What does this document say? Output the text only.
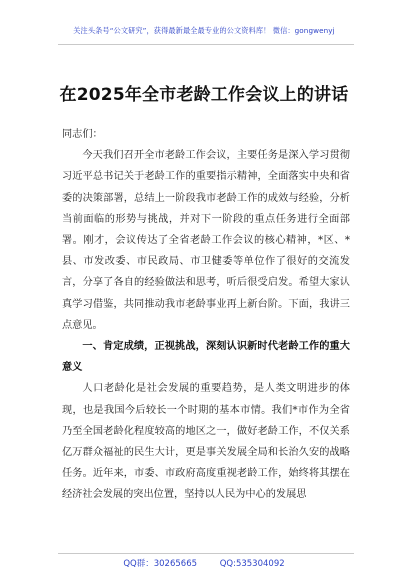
关注头条号“公文研究”，获得最新最全最专业的公文资料库！ 微信：gongwenyj
在2025年全市老龄工作会议上的讲话

同志们：

今天我们召开全市老龄工作会议，主要任务是深入学习贯彻习近平总书记关于老龄工作的重要指示精神，全面落实中央和省委的决策部署，总结上一阶段我市老龄工作的成效与经验，分析当前面临的形势与挑战，并对下一阶段的重点任务进行全面部署。刚才，会议传达了全省老龄工作会议的核心精神，*区、*县、市发改委、市民政局、市卫健委等单位作了很好的交流发言，分享了各自的经验做法和思考，听后很受启发。希望大家认真学习借鉴，共同推动我市老龄事业再上新台阶。下面，我讲三点意见。

一、肯定成绩，正视挑战，深刻认识新时代老龄工作的重大意义

人口老龄化是社会发展的重要趋势，是人类文明进步的体现，也是我国今后较长一个时期的基本市情。我们*市作为全省乃至全国老龄化程度较高的地区之一，做好老龄工作，不仅关系亿万群众福祉的民生大计，更是事关发展全局和长治久安的战略任务。近年来，市委、市政府高度重视老龄工作，始终将其摆在经济社会发展的突出位置，坚持以人民为中心的发展思

QQ群：30265665	QQ:535304092
